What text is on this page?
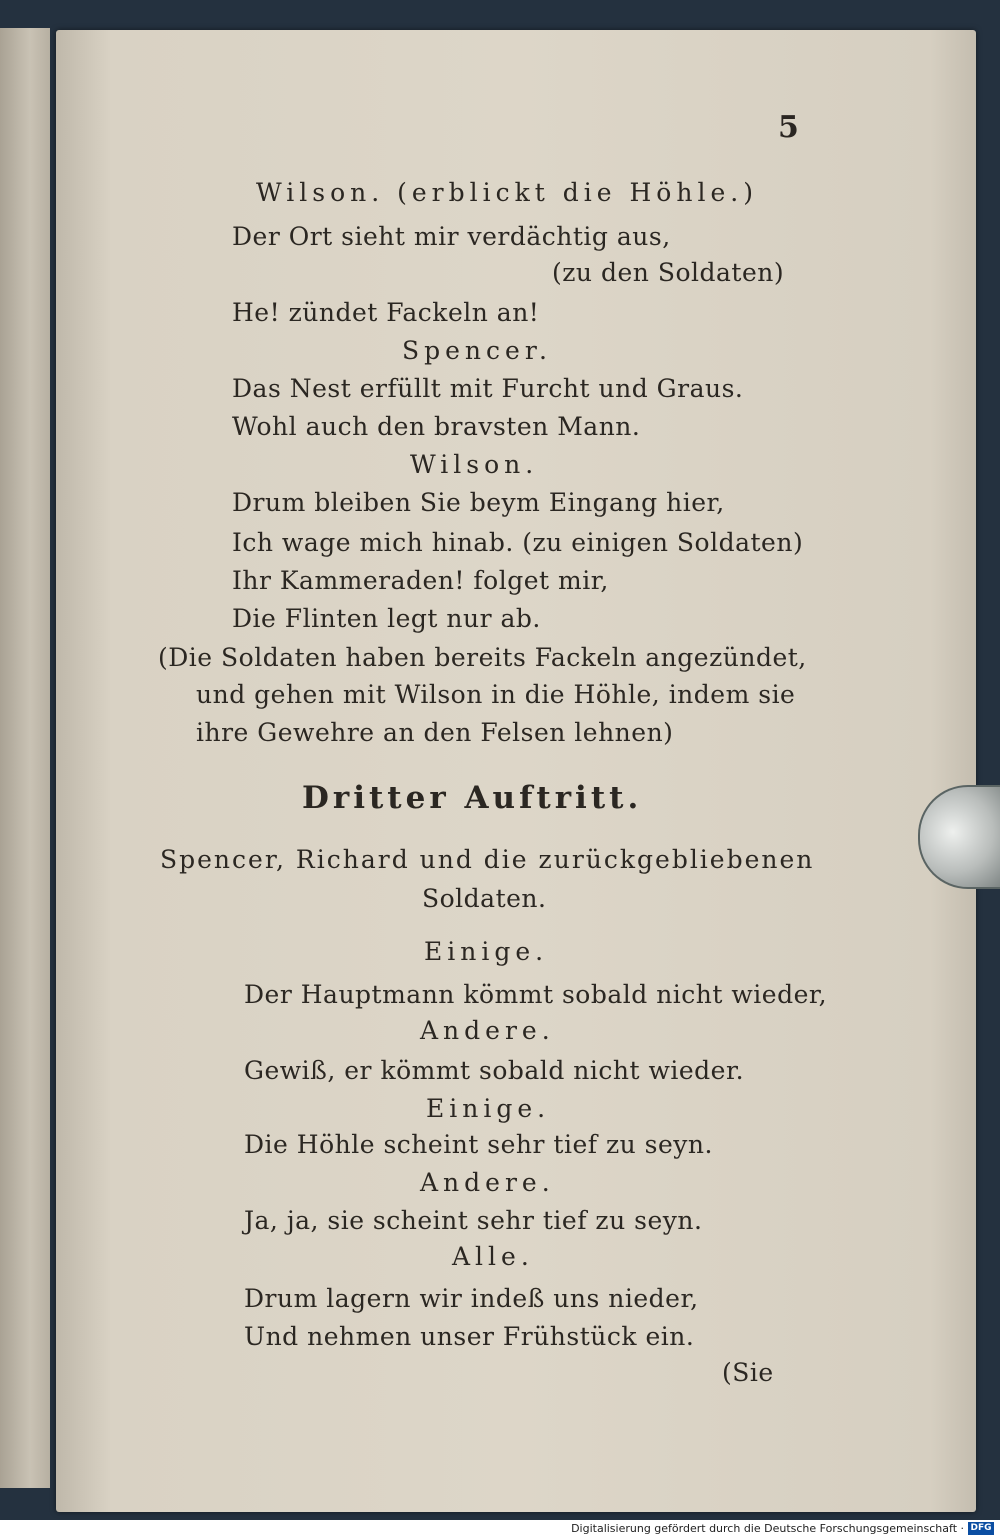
5
Wilson. (erblickt die Höhle.)
Der Ort sieht mir verdächtig aus,
(zu den Soldaten)
He! zündet Fackeln an!
Spencer.
Das Nest erfüllt mit Furcht und Graus.
Wohl auch den bravsten Mann.
Wilson.
Drum bleiben Sie beym Eingang hier,
Ich wage mich hinab. (zu einigen Soldaten)
Ihr Kammeraden! folget mir,
Die Flinten legt nur ab.
(Die Soldaten haben bereits Fackeln angezündet,
und gehen mit Wilson in die Höhle, indem sie
ihre Gewehre an den Felsen lehnen)
Dritter Auftritt.
Spencer, Richard und die zurückgebliebenen
Soldaten.
Einige.
Der Hauptmann kömmt sobald nicht wieder,
Andere.
Gewiß, er kömmt sobald nicht wieder.
Einige.
Die Höhle scheint sehr tief zu seyn.
Andere.
Ja, ja, sie scheint sehr tief zu seyn.
Alle.
Drum lagern wir indeß uns nieder,
Und nehmen unser Frühstück ein.
(Sie
Digitalisierung gefördert durch die Deutsche Forschungsgemeinschaft · DFG
